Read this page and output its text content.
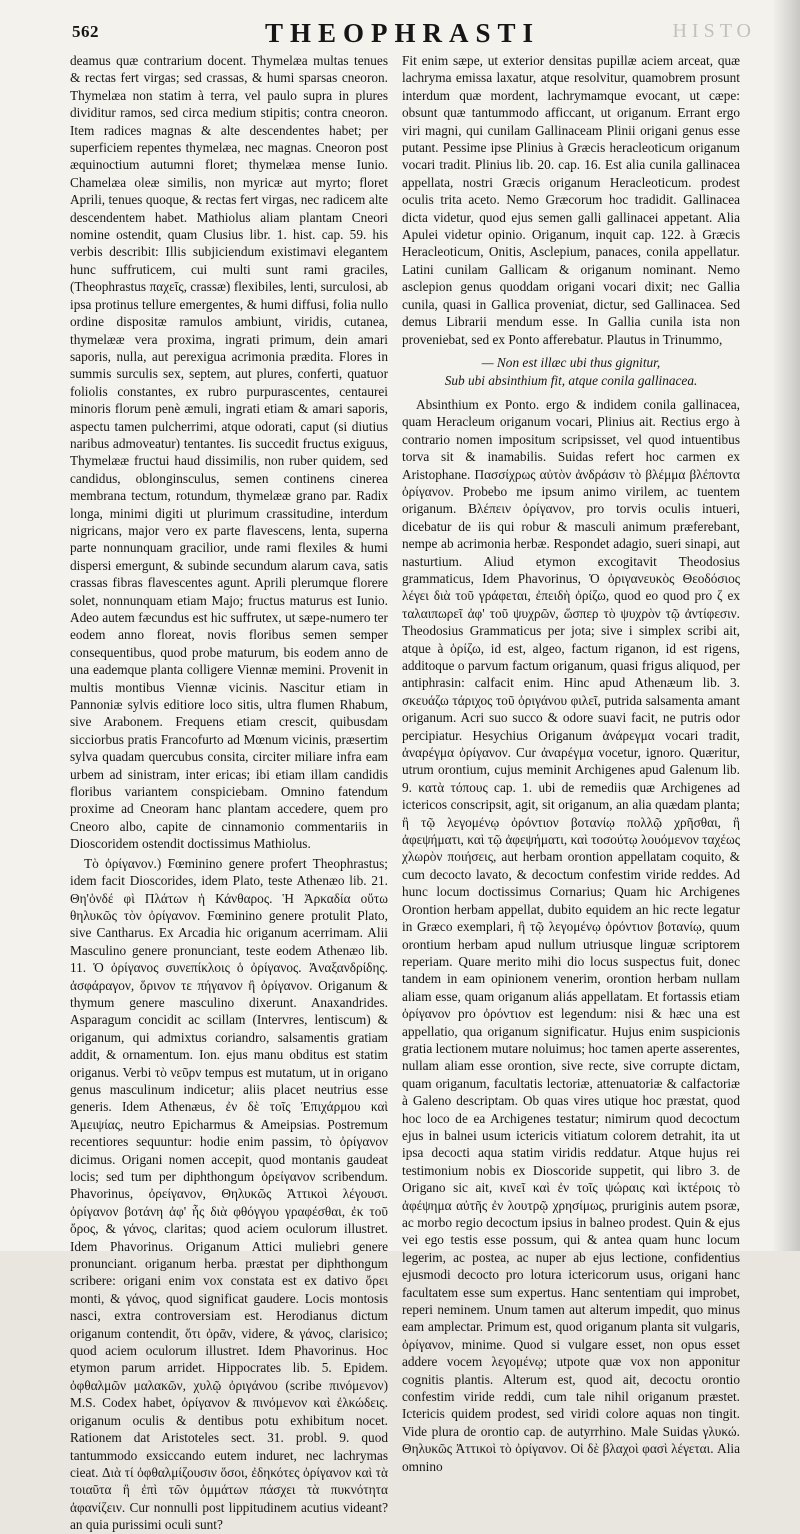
562	THEOPHRASTI	HISTO

deamus quæ contrarium docent. Thymelæa multas tenues & rectas fert virgas; sed crassas, & humi sparsas cneoron. Thymelæa non statim à terra, vel paulo supra in plures dividitur ramos, sed circa medium stipitis; contra cneoron. Item radices magnas & alte descendentes habet; per superficiem repentes thymelæa, nec magnas. Cneoron post æquinoctium autumni floret; thymelæa mense Iunio. Chamelæa oleæ similis, non myricæ aut myrto; floret Aprili, tenues quoque, & rectas fert virgas, nec radicem alte descendentem habet. Mathiolus aliam plantam Cneori nomine ostendit, quam Clusius libr. 1. hist. cap. 59. his verbis describit: Illis subjiciendum existimavi elegantem hunc suffruticem, cui multi sunt rami graciles, (Theophrastus παχεῖς, crassæ) flexibiles, lenti, surculosi, ab ipsa protinus tellure emergentes, & humi diffusi, folia nullo ordine dispositæ ramulos ambiunt, viridis, cutanea, thymelææ vera proxima, ingrati primum, dein amari saporis, nulla, aut perexigua acrimonia prædita. Flores in summis surculis sex, septem, aut plures, conferti, quatuor foliolis constantes, ex rubro purpurascentes, centaurei minoris florum penè æmuli, ingrati etiam & amari saporis, aspectu tamen pulcherrimi, atque odorati, caput (si diutius naribus admoveatur) tentantes. Iis succedit fructus exiguus, Thymelææ fructui haud dissimilis, non ruber quidem, sed candidus, oblonginsculus, semen continens cinerea membrana tectum, rotundum, thymelææ grano par. Radix longa, minimi digiti ut plurimum crassitudine, interdum nigricans, major vero ex parte flavescens, lenta, superna parte nonnunquam gracilior, unde rami flexiles & humi dispersi emergunt, & subinde secundum alarum cava, satis crassas fibras flavescentes agunt. Aprili plerumque florere solet, nonnunquam etiam Majo; fructus maturus est Iunio. Adeo autem fæcundus est hic suffrutex, ut sæpe-numero ter eodem anno floreat, novis floribus semen semper consequentibus, quod probe maturum, bis eodem anno de una eademque planta colligere Viennæ memini. Provenit in multis montibus Viennæ vicinis. Nascitur etiam in Pannoniæ sylvis editiore loco sitis, ultra flumen Rhabum, sive Arabonem. Frequens etiam crescit, quibusdam sicciorbus pratis Francofurto ad Mœnum vicinis, præsertim sylva quadam quercubus consita, circiter miliare infra eam urbem ad sinistram, inter ericas; ibi etiam illam candidis floribus variantem conspiciebam. Omnino fatendum proxime ad Cneoram hanc plantam accedere, quem pro Cneoro albo, capite de cinnamonio commentariis in Dioscoridem ostendit doctissimus Mathiolus.

Τὸ ὀρίγανον.) Fœminino genere profert Theophrastus; idem facit Dioscorides, idem Plato, teste Athenæo lib. 21. Θη'ὁνδέ φὶ Πλάτων ἡ Κάνθαρος. Ἡ Ἀρκαδία οὕτω θηλυκῶς τὸν ὀρίγανον. Fœminino genere protulit Plato, sive Cantharus. Ex Arcadia hic origanum acerrimam. Alii Masculino genere pronunciant, teste eodem Athenæo lib. 11. Ὁ ὀρίγανος συνεπίκλοις ὁ ὀρίγανος. Ἀναξανδρίδης. ἀσφάραγον, ὅρινον τε πήγανον ἢ ὀρίγανον. Origanum & thymum genere masculino dixerunt. Anaxandrides. Asparagum concidit ac scillam (Intervres, lentiscum) & origanum, qui admixtus coriandro, salsamentis gratiam addit, & ornamentum. Ion. ejus manu obditus est statim origanus. Verbi τὸ νεῦρν tempus est mutatum, ut in origano genus masculinum indicetur; aliis placet neutrius esse generis. Idem Athenæus, ἐν δὲ τοῖς Ἐπιχάρμου καὶ Ἀμειψίας, neutro Epicharmus & Ameipsias. Postremum recentiores sequuntur: hodie enim passim, τὸ ὀρίγανον dicimus. Origani nomen accepit, quod montanis gaudeat locis; sed tum per diphthongum ὀρείγανον scribendum. Phavorinus, ὀρείγανον, Θηλυκῶς Ἀττικοὶ λέγουσι. ὀρίγανον βοτάνη ἀφ' ἧς διὰ φθόγγου γραφέσθαι, ἐκ τοῦ ὄρος, & γάνος, claritas; quod aciem oculorum illustret. Idem Phavorinus. Origanum Attici muliebri genere pronunciant. origanum herba. præstat per diphthongum scribere: origani enim vox constata est ex dativo ὄρει monti, & γάνος, quod significat gaudere. Locis montosis nasci, extra controversiam est. Herodianus dictum origanum contendit, ὅτι ὁρᾶν, videre, & γάνος, clarisico; quod aciem oculorum illustret. Idem Phavorinus. Hoc etymon parum arridet. Hippocrates lib. 5. Epidem. ὀφθαλμῶν μαλακῶν, χυλῷ ὀριγάνου (scribe πινόμενον) M.S. Codex habet, ὀρίγανον & πινόμενον καὶ ἐλκώδεις. origanum oculis & dentibus potu exhibitum nocet. Rationem dat Aristoteles sect. 31. probl. 9. quod tantummodo exsiccando eutem induret, nec lachrymas cieat. Διὰ τί ὀφθαλμίζουσιν ὅσοι, ἐδηκότες ὀρίγανον καὶ τὰ τοιαῦτα ἢ ἐπὶ τῶν ὀμμάτων πάσχει τὰ πυκνότητα ἀφανίζειν. Cur nonnulli post lippitudinem acutius videant? an quia purissimi oculi sunt?

Fit enim sæpe, ut exterior densitas pupillæ aciem arceat, quæ lachryma emissa laxatur, atque resolvitur, quamobrem prosunt interdum quæ mordent, lachrymamque evocant, ut cæpe: obsunt quæ tantummodo afficcant, ut origanum. Errant ergo viri magni, qui cunilam Gallinaceam Plinii origani genus esse putant. Pessime ipse Plinius à Græcis heracleoticum origanum vocari tradit. Plinius lib. 20. cap. 16. Est alia cunila gallinacea appellata, nostri Græcis origanum Heracleoticum. prodest oculis trita aceto. Nemo Græcorum hoc tradidit. Gallinacea dicta videtur, quod ejus semen galli gallinacei appetant. Alia Apulei videtur opinio. Origanum, inquit cap. 122. à Græcis Heracleoticum, Onitis, Asclepium, panaces, conila appellatur. Latini cunilam Gallicam & origanum nominant. Nemo asclepion genus quoddam origani vocari dixit; nec Gallia cunila, quasi in Gallica proveniat, dictur, sed Gallinacea. Sed demus Librarii mendum esse. In Gallia cunila ista non proveniebat, sed ex Ponto afferebatur. Plautus in Trinummo,

— Non est illæc ubi thus gignitur,
Sub ubi absinthium fit, atque conila gallinacea.

Absinthium ex Ponto. ergo & indidem conila gallinacea, quam Heracleum origanum vocari, Plinius ait. Rectius ergo à contrario nomen impositum scripsisset, vel quod intuentibus torva sit & inamabilis. Suidas refert hoc carmen ex Aristophane. Πασσίχρως αὐτὸν ἀνδράσιν τὸ βλέμμα βλέποντα ὀρίγανον. Probebo me ipsum animo virilem, ac tuentem origanum. Βλέπειν ὀρίγανον, pro torvis oculis intueri, dicebatur de iis qui robur & masculi animum præferebant, nempe ab acrimonia herbæ. Respondet adagio, sueri sinapi, aut nasturtium. Aliud etymon excogitavit Theodosius grammaticus, Idem Phavorinus, Ὁ ὀριγανευκὸς Θεοδόσιος λέγει διὰ τοῦ γράφεται, ἐπειδὴ ὀρίζω, quod eo quod pro ζ ex ταλαιπωρεῖ ἀφ' τοῦ ψυχρῶν, ὥσπερ τὸ ψυχρὸν τῷ ἀντίφεσιν. Theodosius Grammaticus per jota; sive i simplex scribi ait, atque à ὁρίζω, id est, algeo, factum riganon, id est rigens, additoque o parvum factum origanum, quasi frigus aliquod, per antiphrasin: calfacit enim. Hinc apud Athenæum lib. 3. σκευάζω τάριχος τοῦ ὀριγάνου φιλεῖ, putrida salsamenta amant origanum. Acri suo succo & odore suavi facit, ne putris odor percipiatur. Hesychius Origanum ἀνάρεγμα vocari tradit, ἀναρέγμα ὀρίγανον. Cur ἀναρέγμα vocetur, ignoro. Quæritur, utrum orontium, cujus meminit Archigenes apud Galenum lib. 9. κατὰ τόπους cap. 1. ubi de remediis quæ Archigenes ad ictericos conscripsit, agit, sit origanum, an alia quædam planta; ἢ τῷ λεγομένῳ ὀρόντιον βοτανίῳ πολλῷ χρῆσθαι, ἢ ἀφεψήματι, καὶ τῷ ἀφεψήματι, καὶ τοσούτῳ λουόμενον ταχέως χλωρὸν ποιήσεις, aut herbam orontion appellatam coquito, & cum decocto lavato, & decoctum confestim viride reddes. Ad hunc locum doctissimus Cornarius; Quam hic Archigenes Orontion herbam appellat, dubito equidem an hic recte legatur in Græco exemplari, ἢ τῷ λεγομένῳ ὀρόντιον βοτανίῳ, quum orontium herbam apud nullum utriusque linguæ scriptorem reperiam. Quare merito mihi dio locus suspectus fuit, donec tandem in eam opinionem venerim, orontion herbam nullam aliam esse, quam origanum aliás appellatam. Et fortassis etiam ὀρίγανον pro ὀρόντιον est legendum: nisi & hæc una est appellatio, qua origanum significatur. Hujus enim suspicionis gratia lectionem mutare noluimus; hoc tamen aperte asserentes, nullam aliam esse orontion, sive recte, sive corrupte dictam, quam origanum, facultatis lectoriæ, attenuatoriæ & calfactoriæ à Galeno descriptam. Ob quas vires utique hoc præstat, quod hoc loco de ea Archigenes testatur; nimirum quod decoctum ejus in balnei usum ictericis vitiatum colorem detrahit, ita ut ipsa decocti aqua statim viridis reddatur. Atque hujus rei testimonium nobis ex Dioscoride suppetit, qui libro 3. de Origano sic ait, κινεῖ καὶ ἐν τοῖς ψώραις καὶ ἰκτέροις τὸ ἀφέψημα αὐτῆς ἐν λουτρῷ χρησίμως, pruriginis autem psoræ, ac morbo regio decoctum ipsius in balneo prodest. Quin & ejus vei ego testis esse possum, qui & antea quam hunc locum legerim, ac postea, ac nuper ab ejus lectione, confidentius ejusmodi decocto pro lotura ictericorum usus, origani hanc facultatem esse sum expertus. Hanc sententiam qui improbet, reperi neminem. Unum tamen aut alterum impedit, quo minus eam amplectar. Primum est, quod origanum planta sit vulgaris, ὀρίγανον, minime. Quod si vulgare esset, non opus esset addere vocem λεγομένῳ; utpote quæ vox non apponitur cognitis plantis. Alterum est, quod ait, decoctu orontio confestim viride reddi, cum tale nihil origanum præstet. Ictericis quidem prodest, sed viridi colore aquas non tingit. Vide plura de orontio cap. de autyrrhino. Male Suidas γλυκώ. Θηλυκῶς Ἀττικοὶ τὸ ὀρίγανον. Οἱ δὲ βλαχοὶ φασὶ λέγεται. Alia omnino
